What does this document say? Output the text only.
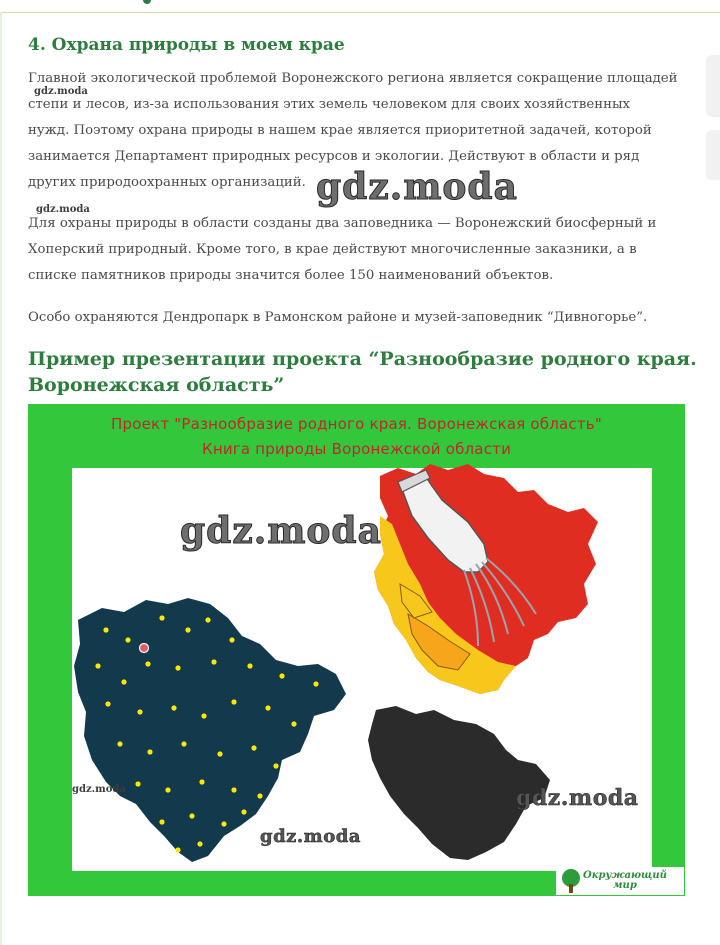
4. Охрана природы в моем крае

Главной экологической проблемой Воронежского региона является сокращение площадей
степи и лесов, из-за использования этих земель человеком для своих хозяйственных
нужд. Поэтому охрана природы в нашем крае является приоритетной задачей, которой
занимается Департамент природных ресурсов и экологии. Действуют в области и ряд
других природоохранных организаций.

Для охраны природы в области созданы два заповедника — Воронежский биосферный и
Хоперский природный. Кроме того, в крае действуют многочисленные заказники, а в
списке памятников природы значится более 150 наименований объектов.

Особо охраняются Дендропарк в Рамонском районе и музей-заповедник “Дивногорье”.

Пример презентации проекта “Разнообразие родного края.
Воронежская область”

Проект "Разнообразие родного края. Воронежская область"

Книга природы Воронежской области

Окружающий
мир

gdz.moda

gdz.moda

gdz.moda

gdz.moda

gdz.moda

gdz.moda

gdz.moda
